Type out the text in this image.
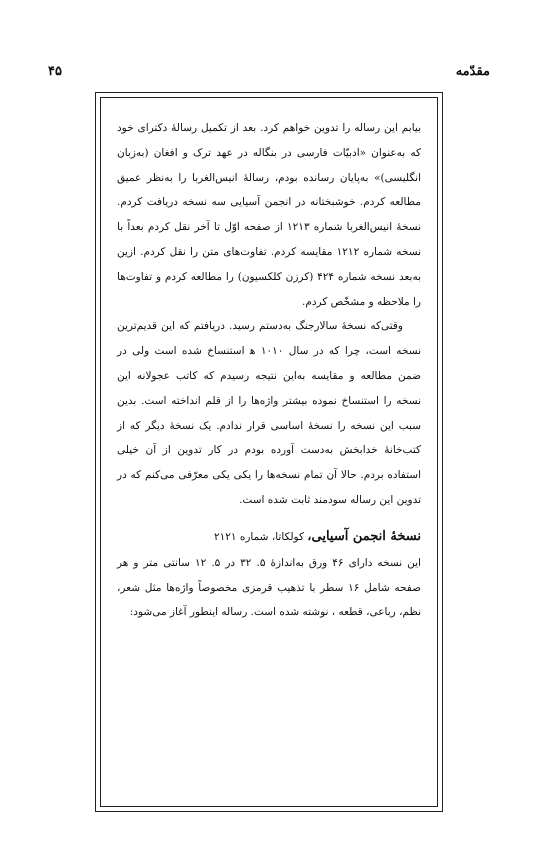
۴۵	مقدّمه

بیابم این رساله را تدوین خواهم کرد. بعد از تکمیل رسالهٔ دکترای خود که به‌عنوان «ادبیّات فارسی در بنگاله در عهد ترک و افغان (به‌زبان انگلیسی)» به‌پایان رسانده بودم، رسالهٔ انیس‌الغربا را به‌نظر عمیق مطالعه کردم. خوشبختانه در انجمن آسیایی سه نسخه دریافت کردم. نسخهٔ انیس‌الغربا شماره ۱۲۱۳ از صفحه اوّل تا آخر نقل کردم بعداً با نسخه شماره ۱۲۱۲ مقایسه کردم. تفاوت‌های متن را نقل کردم. ازین به‌بعد نسخه شماره ۴۲۴ (کرزن کلکسیون) را مطالعه کردم و تفاوت‌ها را ملاحظه و مشخّص کردم.

وقتی‌که نسخهٔ سالارجنگ به‌دستم رسید. دریافتم که این قدیم‌ترین نسخه است، چرا که در سال ۱۰۱۰ ﻫ استنساخ شده است ولی در ضمن مطالعه و مقایسه به‌این نتیجه رسیدم که کاتب عجولانه این نسخه را استنساخ نموده بیشتر واژه‌ها را از قلم انداخته است. بدین سبب این نسخه را نسخهٔ اساسی قرار ندادم. یک نسخهٔ دیگر که از کتب‌خانهٔ خدابخش به‌دست آورده بودم در کار تدوین از آن خیلی استفاده بردم. حالا آن تمام نسخه‌ها را یکی یکی معرّفی می‌کنم که در تدوین این رساله سودمند ثابت شده است.

نسخهٔ انجمن آسیایی، کولکاتا، شماره ۲۱۲۱

این نسخه دارای ۴۶ ورق به‌اندازهٔ ۵. ۳۲ در ۵. ۱۲ سانتی متر و هر صفحه شامل ۱۶ سطر با تذهیب قرمزی مخصوصاً واژه‌ها مثل شعر، نظم، رباعی، قطعه ، نوشته شده است. رساله اینطور آغاز می‌شود:
